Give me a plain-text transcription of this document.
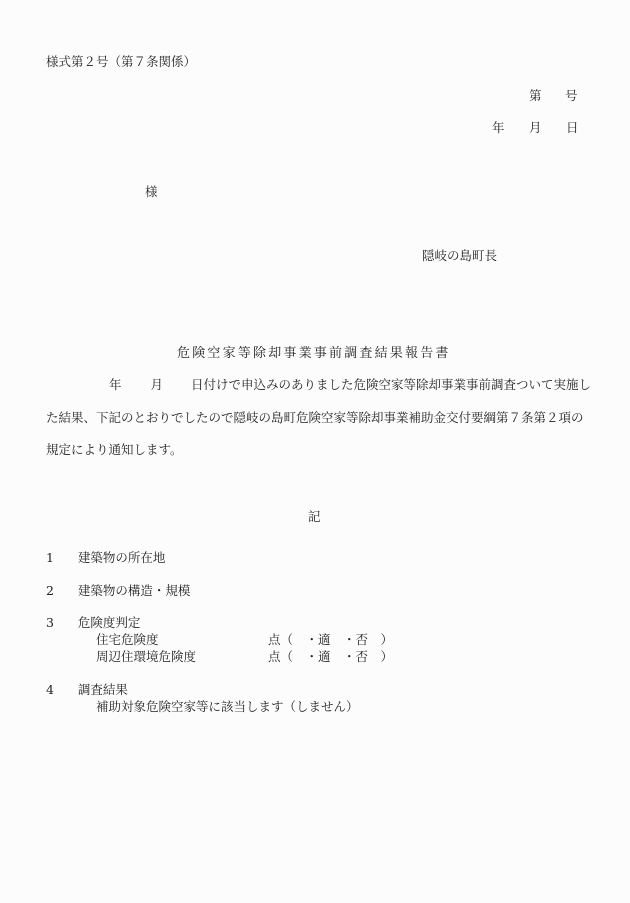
様式第２号（第７条関係）
第 号
年 月 日
様
隠岐の島町長
危険空家等除却事業事前調査結果報告書
年 月 日付けで申込みのありました危険空家等除却事業事前調査ついて実施し
た結果、下記のとおりでしたので隠岐の島町危険空家等除却事業補助金交付要綱第７条第２項の
規定により通知します。
記
1 建築物の所在地
2 建築物の構造・規模
3 危険度判定
住宅危険度	点（　・適　・否　）
周辺住環境危険度	点（　・適　・否　）
4 調査結果
補助対象危険空家等に該当します（しません）
